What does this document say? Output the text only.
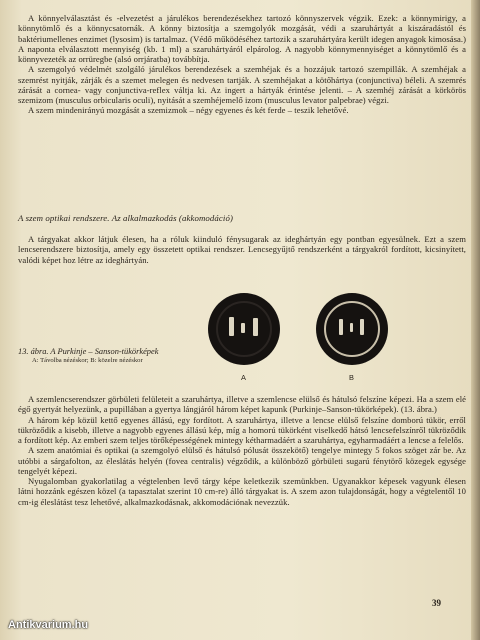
A könnyelválasztást és -elvezetést a járulékos berendezésekhez tartozó könnyszervek végzik. Ezek: a könnymirigy, a könnytömlő és a könnycsatornák. A könny biztosítja a szemgolyók mozgását, védi a szaruhártyát a kiszáradástól és baktériumellenes enzimet (lysosim) is tartalmaz. (Védő működéséhez tartozik a szaruhártyára került idegen anyagok kimosása.) A naponta elválasztott mennyiség (kb. 1 ml) a szaruhártyáról elpárolog. A nagyobb könnymennyiséget a könnytömlő és a könnyvezeték az orrüregbe (alsó orrjáratba) továbbítja.

A szemgolyó védelmét szolgáló járulékos berendezések a szemhéjak és a hozzájuk tartozó szempillák. A szemhéjak a szemrést nyitják, zárják és a szemet melegen és nedvesen tartják. A szemhéjakat a kötőhártya (conjunctiva) béleli. A szemrés zárását a cornea- vagy conjunctiva-reflex váltja ki. Az ingert a hártyák érintése jelenti. – A szemhéj zárását a körkörös szemizom (musculus orbicularis oculi), nyitását a szemhéjemelő izom (musculus levator palpebrae) végzi.

A szem mindenirányú mozgását a szemizmok – négy egyenes és két ferde – teszik lehetővé.

A szem optikai rendszere. Az alkalmazkodás (akkomodáció)

A tárgyakat akkor látjuk élesen, ha a róluk kiinduló fénysugarak az ideghártyán egy pontban egyesülnek. Ezt a szem lencserendszere biztosítja, amely egy összetett optikai rendszer. Lencsegyűjtő rendszerként a tárgyakról fordított, kicsinyített, valódi képet hoz létre az ideghártyán.

13. ábra. A Purkinje – Sanson-tükörképek
A: Távolba nézéskor; B: közelre nézéskor
A	B

A szemlencserendszer görbületi felületeit a szaruhártya, illetve a szemlencse elülső és hátulsó felszíne képezi. Ha a szem elé égő gyertyát helyezünk, a pupillában a gyertya lángjáról három képet kapunk (Purkinje–Sanson-tükörképek). (13. ábra.)

A három kép közül kettő egyenes állású, egy fordított. A szaruhártya, illetve a lencse elülső felszíne domború tükör, erről tükröződik a kisebb, illetve a nagyobb egyenes állású kép, míg a homorú tükörként viselkedő hátsó lencsefelszínről tükröződik a fordított kép. Az emberi szem teljes törőképességének mintegy kétharmadáért a szaruhártya, egyharmadáért a lencse a felelős.

A szem anatómiai és optikai (a szemgolyó elülső és hátulsó pólusát összekötő) tengelye mintegy 5 fokos szöget zár be. Az utóbbi a sárgafolton, az éleslátás helyén (fovea centralis) végződik, a különböző görbületi sugarú fénytörő közegek egysége tengelyét képezi.

Nyugalomban gyakorlatilag a végtelenben levő tárgy képe keletkezik szemünkben. Ugyanakkor képesek vagyunk élesen látni hozzánk egészen közel (a tapasztalat szerint 10 cm-re) álló tárgyakat is. A szem azon tulajdonságát, hogy a végtelentől 10 cm-ig éleslátást tesz lehetővé, alkalmazkodásnak, akkomodációnak nevezzük.

39
Antikvarium.hu
